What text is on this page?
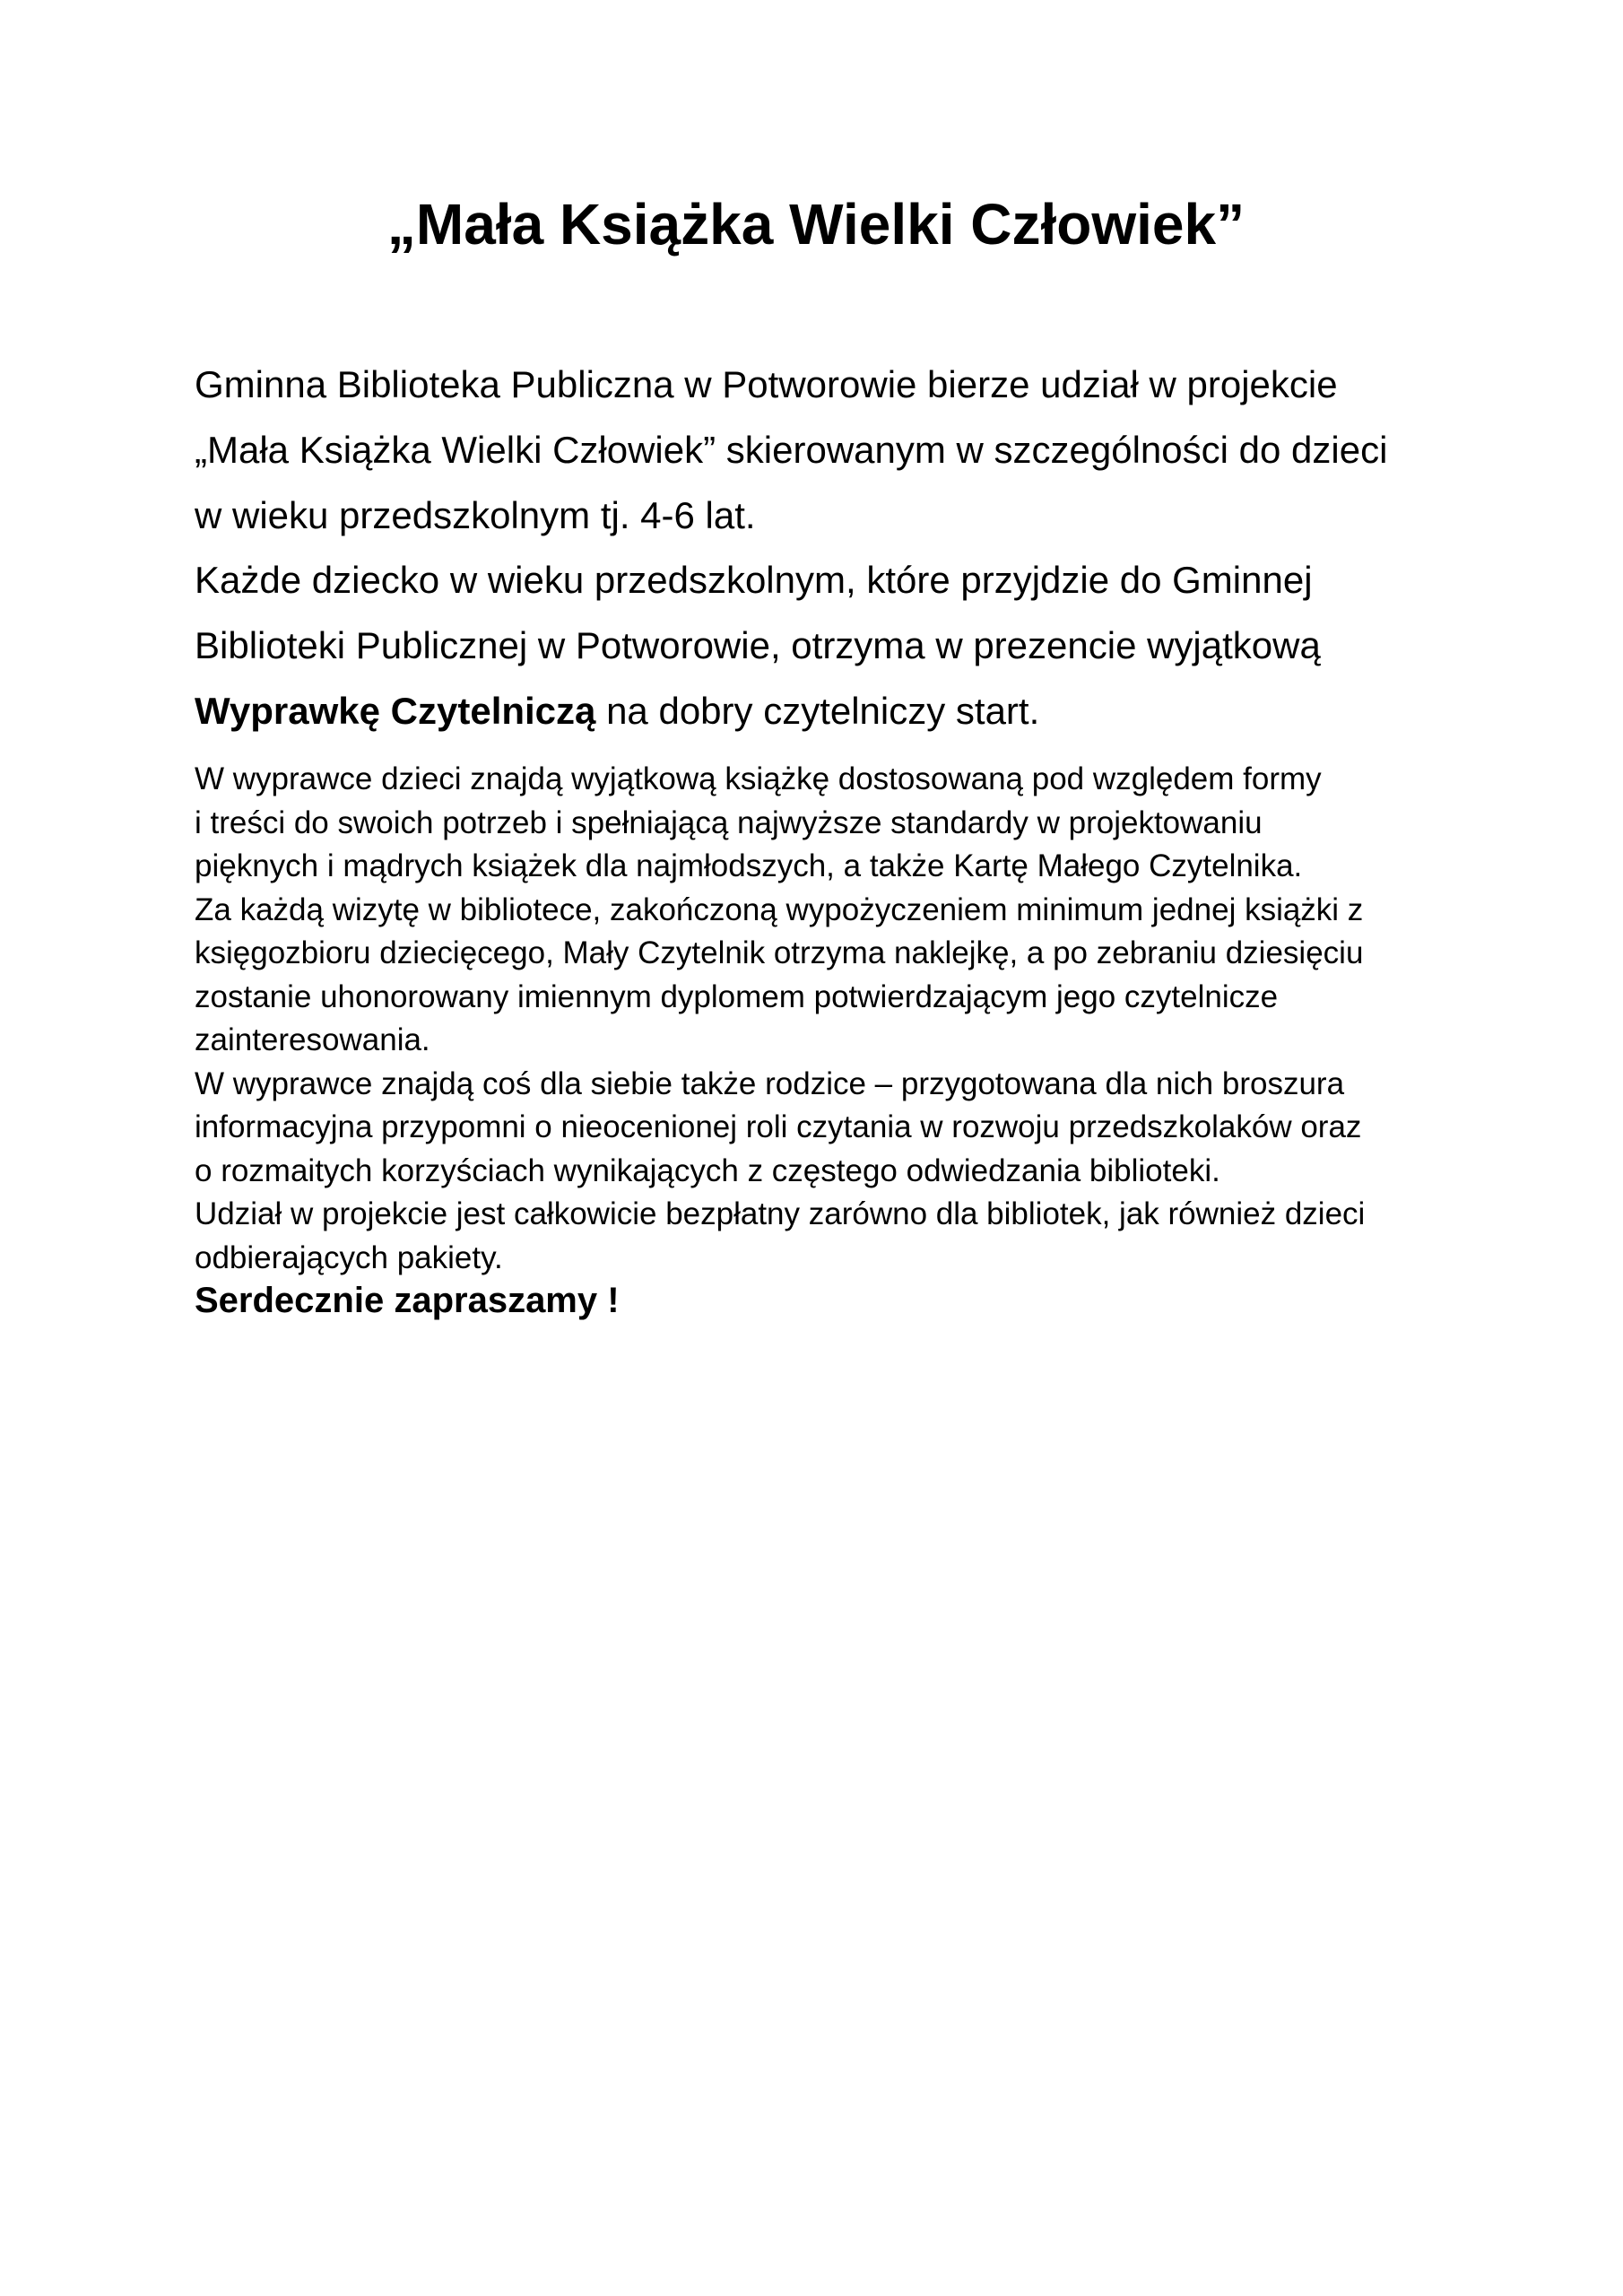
„Mała Książka Wielki Człowiek”

Gminna Biblioteka Publiczna w Potworowie bierze udział w projekcie

„Mała Książka Wielki Człowiek” skierowanym w szczególności do dzieci

w wieku przedszkolnym tj. 4-6 lat.

Każde dziecko w wieku przedszkolnym, które przyjdzie do Gminnej

Biblioteki Publicznej w Potworowie, otrzyma w prezencie wyjątkową

Wyprawkę Czytelniczą na dobry czytelniczy start.

W wyprawce dzieci znajdą wyjątkową książkę dostosowaną pod względem formy

i treści do swoich potrzeb i spełniającą najwyższe standardy w projektowaniu

pięknych i mądrych książek dla najmłodszych, a także Kartę Małego Czytelnika.

Za każdą wizytę w bibliotece, zakończoną wypożyczeniem minimum jednej książki z

księgozbioru dziecięcego, Mały Czytelnik otrzyma naklejkę, a po zebraniu dziesięciu

zostanie uhonorowany imiennym dyplomem potwierdzającym jego czytelnicze

zainteresowania.

W wyprawce znajdą coś dla siebie także rodzice – przygotowana dla nich broszura

informacyjna przypomni o nieocenionej roli czytania w rozwoju przedszkolaków oraz

o rozmaitych korzyściach wynikających z częstego odwiedzania biblioteki.

Udział w projekcie jest całkowicie bezpłatny zarówno dla bibliotek, jak również dzieci

odbierających pakiety.

Serdecznie zapraszamy !
